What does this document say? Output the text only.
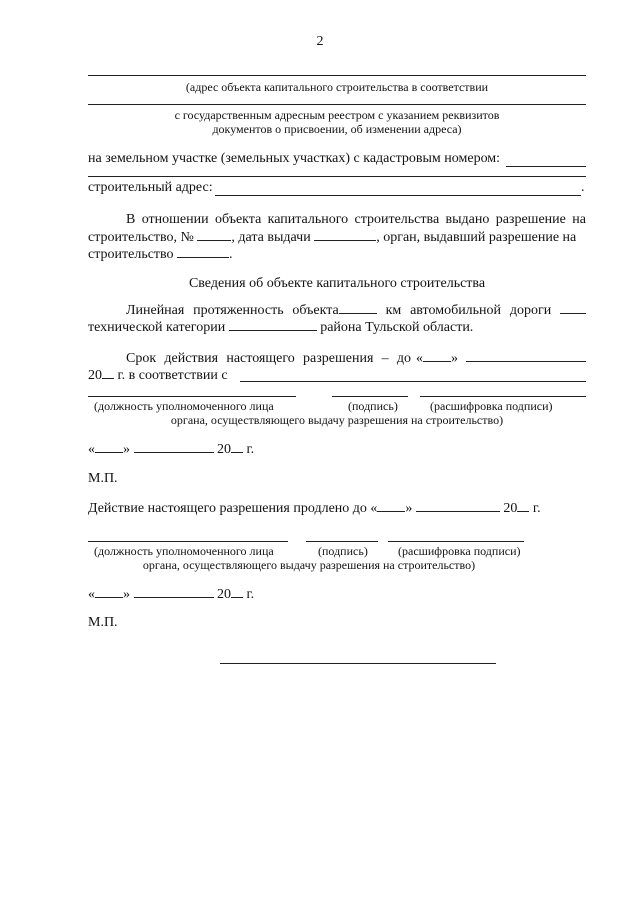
2
(адрес объекта капитального строительства в соответствии
с государственным адресным реестром с указанием реквизитов
документов о присвоении, об изменении адреса)
на земельном участке (земельных участках) с кадастровым номером:
строительный адрес:	.
В отношении объекта капитального строительства выдано разрешение на
строительство, №	, дата выдачи	, орган, выдавший разрешение на
строительство	.
Сведения об объекте капитального строительства
Линейная протяженность объекта	км автомобильной дороги
технической категории	района Тульской области.
Срок действия настоящего разрешения – до « »
20 г. в соответствии с
(должность уполномоченного лица	(подпись)	(расшифровка подписи)
органа, осуществляющего выдачу разрешения на строительство)
« »	20 г.
М.П.
Действие настоящего разрешения продлено до « »	20 г.
(должность уполномоченного лица	(подпись)	(расшифровка подписи)
органа, осуществляющего выдачу разрешения на строительство)
« »	20 г.
М.П.
